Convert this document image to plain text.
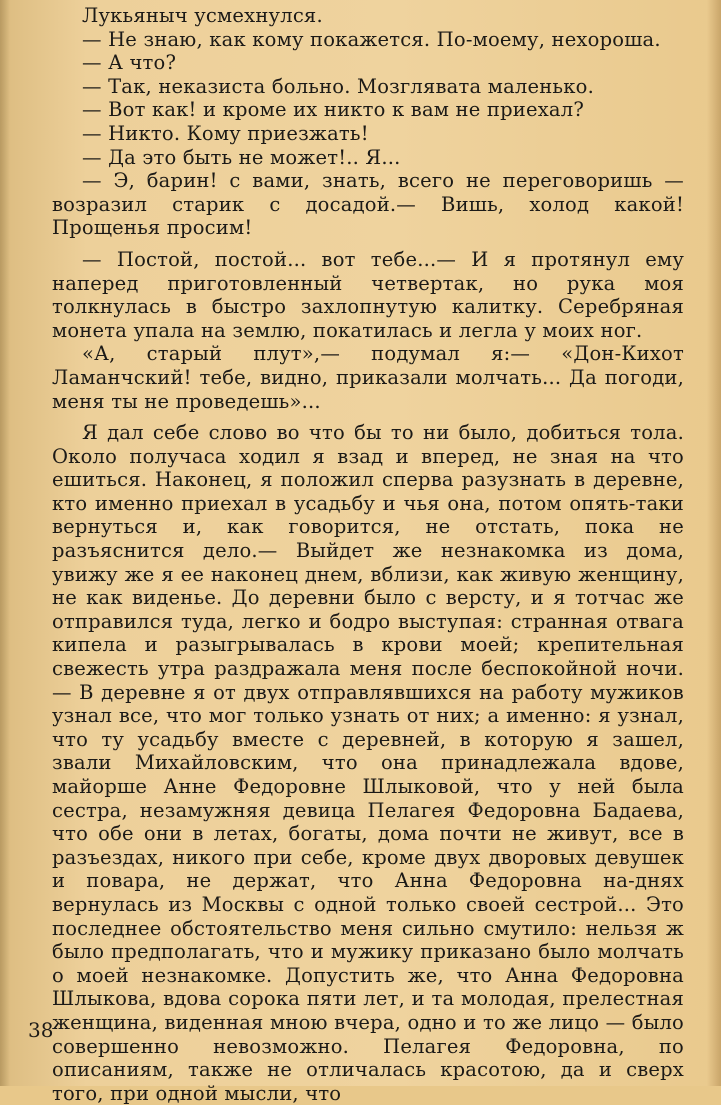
Лукьяныч усмехнулся.

— Не знаю, как кому покажется. По-моему, нехороша.

— А что?

— Так, неказиста больно. Мозглявата маленько.

— Вот как! и кроме их никто к вам не приехал?

— Никто. Кому приезжать!

— Да это быть не может!.. Я...

— Э, барин! с вами, знать, всего не переговоришь — возразил старик с досадой.— Вишь, холод какой! Прощенья просим!

— Постой, постой... вот тебе...— И я протянул ему наперед приготовленный четвертак, но рука моя толкнулась в быстро захлопнутую калитку. Серебряная монета упала на землю, покатилась и легла у моих ног.

«А, старый плут»,— подумал я:— «Дон-Кихот Ламанчский! тебе, видно, приказали молчать... Да погоди, меня ты не проведешь»...

Я дал себе слово во что бы то ни было, добиться тола. Около получаса ходил я взад и вперед, не зная на что ешиться. Наконец, я положил сперва разузнать в деревне, кто именно приехал в усадьбу и чья она, потом опять-таки вернуться и, как говорится, не отстать, пока не разъяснится дело.— Выйдет же незнакомка из дома, увижу же я ее наконец днем, вблизи, как живую женщину, не как виденье. До деревни было с версту, и я тотчас же отправился туда, легко и бодро выступая: странная отвага кипела и разыгрывалась в крови моей; крепительная свежесть утра раздражала меня после беспокойной ночи.— В деревне я от двух отправлявшихся на работу мужиков узнал все, что мог только узнать от них; а именно: я узнал, что ту усадьбу вместе с деревней, в которую я зашел, звали Михайловским, что она принадлежала вдове, майорше Анне Федоровне Шлыковой, что у ней была сестра, незамужняя девица Пелагея Федоровна Бадаева, что обе они в летах, богаты, дома почти не живут, все в разъездах, никого при себе, кроме двух дворовых девушек и повара, не держат, что Анна Федоровна на-днях вернулась из Москвы с одной только своей сестрой... Это последнее обстоятельство меня сильно смутило: нельзя ж было предполагать, что и мужику приказано было молчать о моей незнакомке. Допустить же, что Анна Федоровна Шлыкова, вдова сорока пяти лет, и та молодая, прелестная женщина, виденная мною вчера, одно и то же лицо — было совершенно невозможно. Пелагея Федоровна, по описаниям, также не отличалась красотою, да и сверх того, при одной мысли, что

38
